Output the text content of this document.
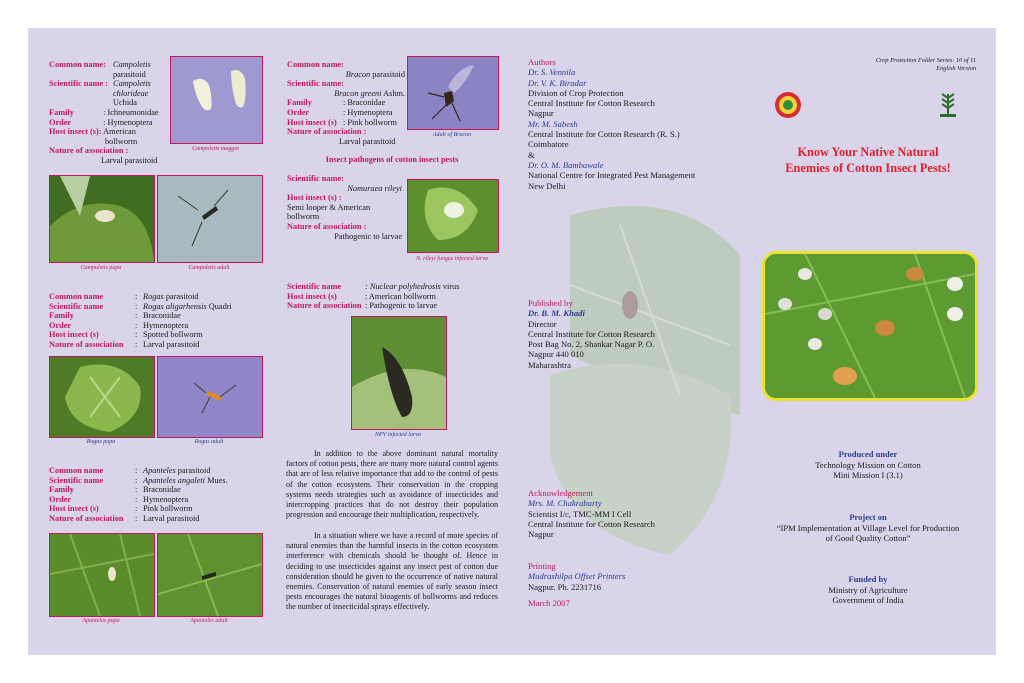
Common name: Campoletis
parasitoid
Scientific name : Campoletis
chlorideae
Uchida
Family	: Ichneumonidae
Order	: Hymenoptera
Host insect (s): American
bollworm
Nature of association :
Larval parasitoid
Campoletis maggot
Campoletis pupa	Campoletis adult
Common name	: Rogas parasitoid
Scientific name	: Rogas aligarhensis Quadri
Family	: Braconidae
Order	: Hymenoptera
Host insect (s)	: Spotted bollworm
Nature of association : Larval parasitoid
Rogas pupa	Rogas adult
Common name	: Apanteles parasitoid
Scientific name	: Apanteles angaleti Mues.
Family	: Braconidae
Order	: Hymenoptera
Host insect (s)	: Pink bollworm
Nature of association : Larval parasitoid
Apanteles pupa	Apanteles adult
Common name:
Bracon parasitoid
Scientific name:
Bracon greeni Ashm.
Family	: Braconidae
Order	: Hymenoptera
Host insect (s) : Pink bollworm
Nature of association :
Larval parasitoid
Adult of Bracon
Insect pathogens of cotton insect pests
Scientific name:
Nomuraea rileyi
Host insect (s) :
Semi looper & American
bollworm
Nature of association :
Pathogenic to larvae
N. rileyi fungus infected larva
Scientific name	: Nuclear polyhedrosis virus
Host insect (s)	: American bollworm
Nature of association : Pathogenic to larvae
NPV infected larva
In addition to the above dominant natural mortality factors of cotton pests, there are many more natural control agents that are of less relative importance that add to the control of pests of the cotton ecosystem. Their conservation in the cropping systems needs strategies such as avoidance of insecticides and intercropping practices that do not destroy their population progression and encourage their multiplication, respectively.
In a situation where we have a record of more species of natural enemies than the harmful insects in the cotton ecosystem interference with chemicals should be thought of. Hence in deciding to use insecticides against any insect pest of cotton due consideration should be given to the occurrence of native natural enemies. Conservation of natural enemies of early season insect pests encourages the natural bioagents of bollworms and reduces the number of insecticidal sprays effectively.
Authors
Dr. S. Vennila
Dr. V. K. Biradar
Division of Crop Protection
Central Institute for Cotton Research
Nagpur
Mr. M. Sabesh
Central Institute for Cotton Research (R. S.)
Coimbatore
&
Dr. O. M. Bambawale
National Centre for Integrated Pest Management
New Delhi
Published by
Dr. B. M. Khadi
Director
Central Institute for Cotton Research
Post Bag No. 2, Shankar Nagar P. O.
Nagpur 440 010
Maharashtra
Acknowledgement
Mrs. M. Chakrabarty
Scientist I/c, TMC-MM I Cell
Central Institute for Cotton Research
Nagpur
Printing
Mudrashilpa Offset Printers
Nagpur. Ph. 2231716
March 2007
Crop Protection Folder Series: 10 of 11
English Version
Know Your Native Natural
Enemies of Cotton Insect Pests!
Produced under
Technology Mission on Cotton
Mini Mission I (3.1)
Project on
“IPM Implementation at Village Level for Production
of Good Quality Cotton”
Funded by
Ministry of Agriculture
Government of India
